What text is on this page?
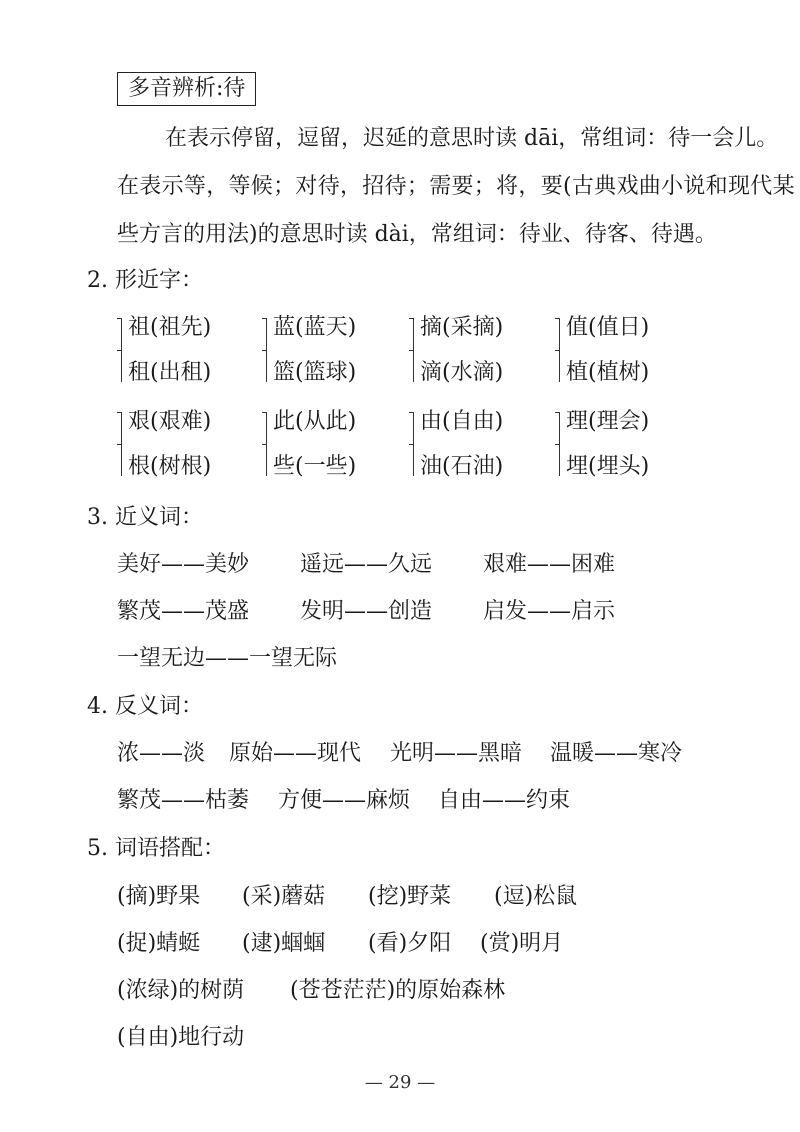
多音辨析:待
在表示停留，逗留，迟延的意思时读 dāi，常组词：待一会儿。
在表示等，等候；对待，招待；需要；将，要(古典戏曲小说和现代某
些方言的用法)的意思时读 dài，常组词：待业、待客、待遇。
2. 形近字：
祖(祖先)
租(出租)
蓝(蓝天)
篮(篮球)
摘(采摘)
滴(水滴)
值(值日)
植(植树)
艰(艰难)
根(树根)
此(从此)
些(一些)
由(自由)
油(石油)
理(理会)
埋(埋头)
3. 近义词：
美好——美妙 遥远——久远 艰难——困难
繁茂——茂盛 发明——创造 启发——启示
一望无边——一望无际
4. 反义词：
浓——淡 原始——现代 光明——黑暗 温暖——寒冷
繁茂——枯萎 方便——麻烦 自由——约束
5. 词语搭配：
(摘)野果 (采)蘑菇 (挖)野菜 (逗)松鼠
(捉)蜻蜓 (逮)蝈蝈 (看)夕阳 (赏)明月
(浓绿)的树荫 (苍苍茫茫)的原始森林
(自由)地行动
— 29 —
